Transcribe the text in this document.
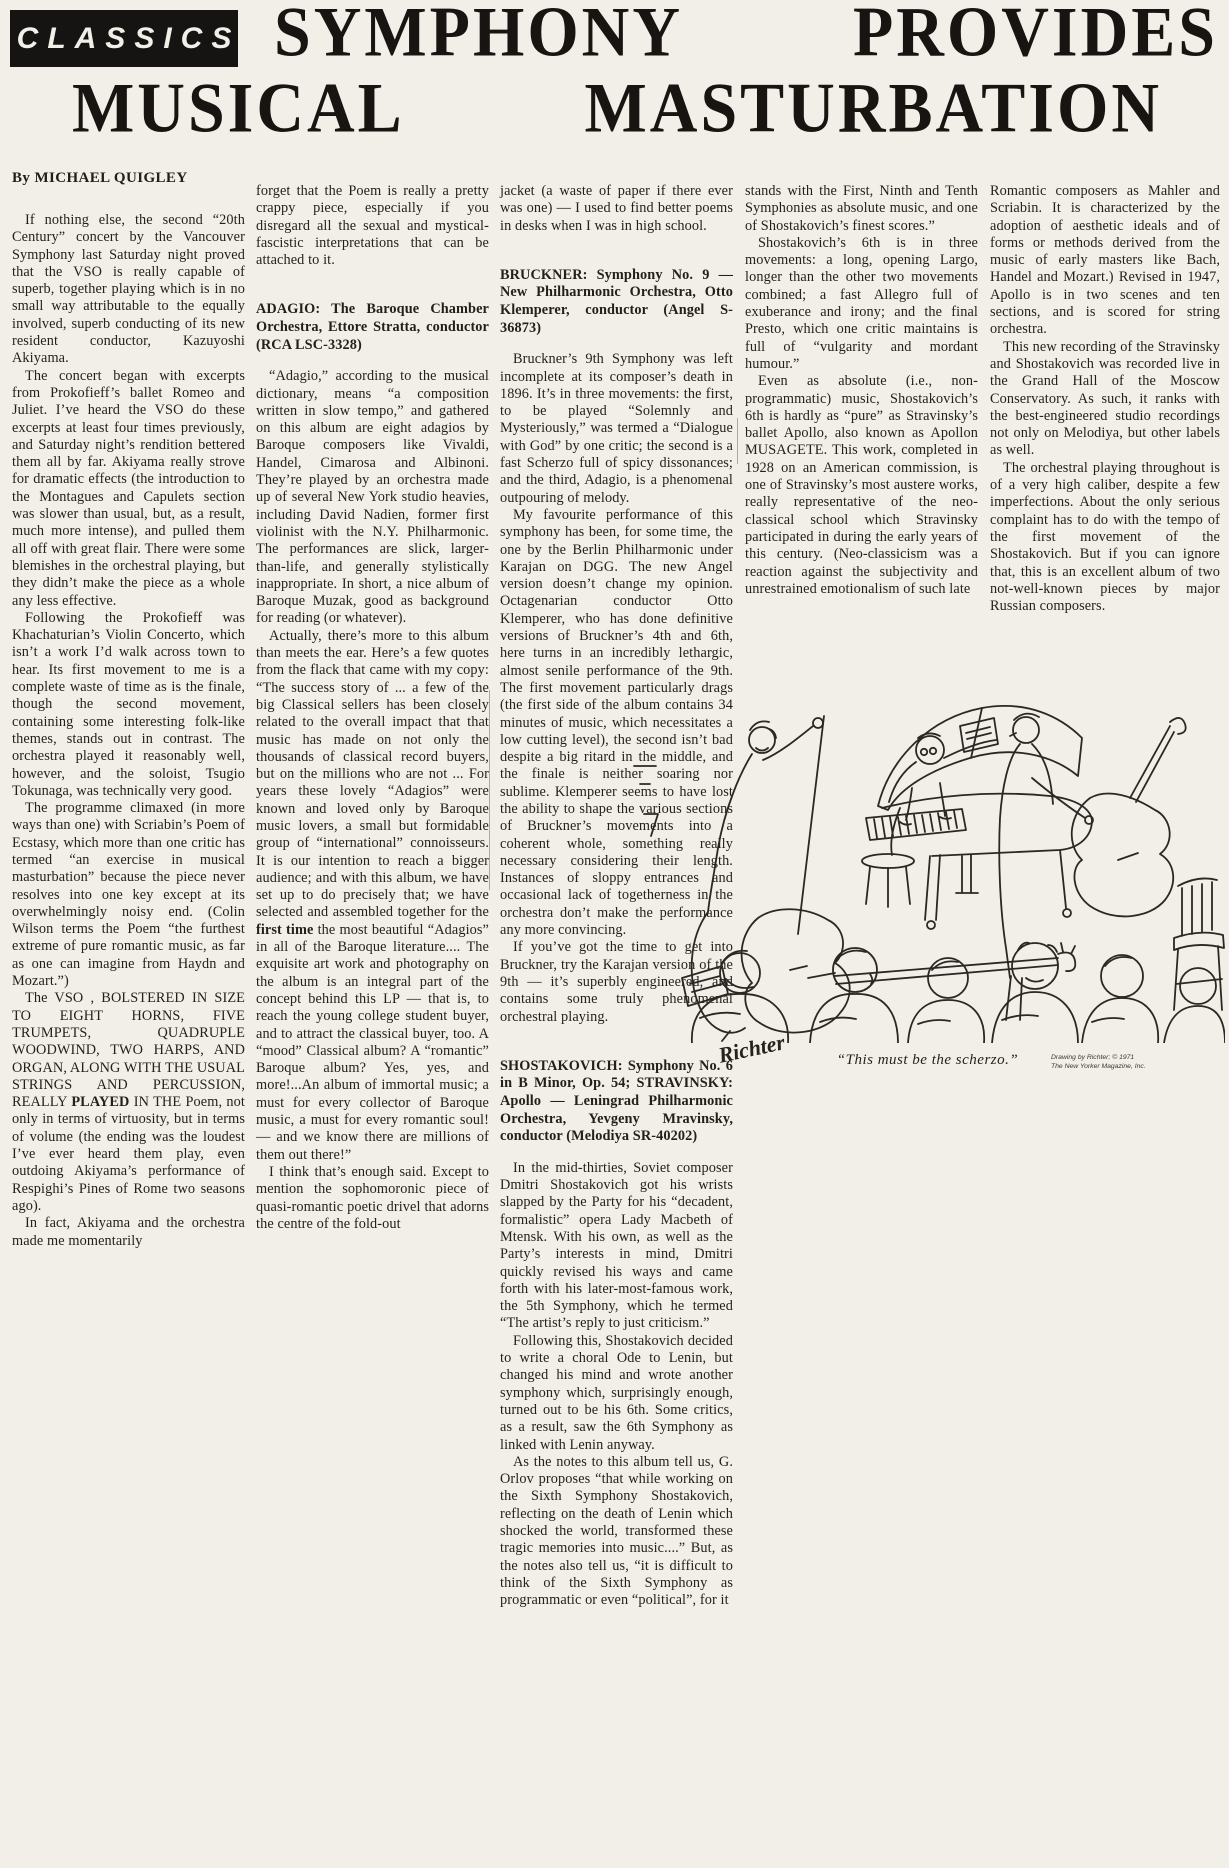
CLASSICS SYMPHONY	PROVIDES
MUSICAL	MASTURBATION
By MICHAEL QUIGLEY

If nothing else, the second “20th Century” concert by the Vancouver Symphony last Saturday night proved that the VSO is really capable of superb, together playing which is in no small way attributable to the equally involved, superb conducting of its new resident conductor, Kazuyoshi Akiyama.

The concert began with excerpts from Prokofieff’s ballet Romeo and Juliet. I’ve heard the VSO do these excerpts at least four times previously, and Saturday night’s rendition bettered them all by far. Akiyama really strove for dramatic effects (the introduction to the Montagues and Capulets section was slower than usual, but, as a result, much more intense), and pulled them all off with great flair. There were some blemishes in the orchestral playing, but they didn’t make the piece as a whole any less effective.

Following the Prokofieff was Khachaturian’s Violin Concerto, which isn’t a work I’d walk across town to hear. Its first movement to me is a complete waste of time as is the finale, though the second movement, containing some interesting folk-like themes, stands out in contrast. The orchestra played it reasonably well, however, and the soloist, Tsugio Tokunaga, was technically very good.

The programme climaxed (in more ways than one) with Scriabin’s Poem of Ecstasy, which more than one critic has termed “an exercise in musical masturbation” because the piece never resolves into one key except at its overwhelmingly noisy end. (Colin Wilson terms the Poem “the furthest extreme of pure romantic music, as far as one can imagine from Haydn and Mozart.”)

The VSO , BOLSTERED IN SIZE TO EIGHT HORNS, FIVE TRUMPETS, QUADRUPLE WOODWIND, TWO HARPS, AND ORGAN, ALONG WITH THE USUAL STRINGS AND PERCUSSION, REALLY PLAYED IN THE Poem, not only in terms of virtuosity, but in terms of volume (the ending was the loudest I’ve ever heard them play, even outdoing Akiyama’s performance of Respighi’s Pines of Rome two seasons ago).

In fact, Akiyama and the orchestra made me momentarily

forget that the Poem is really a pretty crappy piece, especially if you disregard all the sexual and mystical-fascistic interpretations that can be attached to it.

ADAGIO: The Baroque Chamber Orchestra, Ettore Stratta, conductor (RCA LSC-3328)

“Adagio,” according to the musical dictionary, means “a composition written in slow tempo,” and gathered on this album are eight adagios by Baroque composers like Vivaldi, Handel, Cimarosa and Albinoni. They’re played by an orchestra made up of several New York studio heavies, including David Nadien, former first violinist with the N.Y. Philharmonic. The performances are slick, larger-than-life, and generally stylistically inappropriate. In short, a nice album of Baroque Muzak, good as background for reading (or whatever).

Actually, there’s more to this album than meets the ear. Here’s a few quotes from the flack that came with my copy: “The success story of ... a few of the big Classical sellers has been closely related to the overall impact that that music has made on not only the thousands of classical record buyers, but on the millions who are not ... For years these lovely “Adagios” were known and loved only by Baroque music lovers, a small but formidable group of “international” connoisseurs. It is our intention to reach a bigger audience; and with this album, we have set up to do precisely that; we have selected and assembled together for the first time the most beautiful “Adagios” in all of the Baroque literature.... The exquisite art work and photography on the album is an integral part of the concept behind this LP — that is, to reach the young college student buyer, and to attract the classical buyer, too. A “mood” Classical album? A “romantic” Baroque album? Yes, yes, and more!...An album of immortal music; a must for every collector of Baroque music, a must for every romantic soul! — and we know there are millions of them out there!”

I think that’s enough said. Except to mention the sophomoronic piece of quasi-romantic poetic drivel that adorns the centre of the fold-out

jacket (a waste of paper if there ever was one) — I used to find better poems in desks when I was in high school.

BRUCKNER: Symphony No. 9 — New Philharmonic Orchestra, Otto Klemperer, conductor (Angel S-36873)

Bruckner’s 9th Symphony was left incomplete at its composer’s death in 1896. It’s in three movements: the first, to be played “Solemnly and Mysteriously,” was termed a “Dialogue with God” by one critic; the second is a fast Scherzo full of spicy dissonances; and the third, Adagio, is a phenomenal outpouring of melody.

My favourite performance of this symphony has been, for some time, the one by the Berlin Philharmonic under Karajan on DGG. The new Angel version doesn’t change my opinion. Octagenarian conductor Otto Klemperer, who has done definitive versions of Bruckner’s 4th and 6th, here turns in an incredibly lethargic, almost senile performance of the 9th. The first movement particularly drags (the first side of the album contains 34 minutes of music, which necessitates a low cutting level), the second isn’t bad despite a big ritard in the middle, and the finale is neither soaring nor sublime. Klemperer seems to have lost the ability to shape the various sections of Bruckner’s movements into a coherent whole, something really necessary considering their length. Instances of sloppy entrances and occasional lack of togetherness in the orchestra don’t make the performance any more convincing.

If you’ve got the time to get into Bruckner, try the Karajan version of the 9th — it’s superbly engineered, and contains some truly phenomenal orchestral playing.

SHOSTAKOVICH: Symphony No. 6 in B Minor, Op. 54; STRAVINSKY: Apollo — Leningrad Philharmonic Orchestra, Yevgeny Mravinsky, conductor (Melodiya SR-40202)

In the mid-thirties, Soviet composer Dmitri Shostakovich got his wrists slapped by the Party for his “decadent, formalistic” opera Lady Macbeth of Mtensk. With his own, as well as the Party’s interests in mind, Dmitri quickly revised his ways and came forth with his later-most-famous work, the 5th Symphony, which he termed “The artist’s reply to just criticism.”

Following this, Shostakovich decided to write a choral Ode to Lenin, but changed his mind and wrote another symphony which, surprisingly enough, turned out to be his 6th. Some critics, as a result, saw the 6th Symphony as linked with Lenin anyway.

As the notes to this album tell us, G. Orlov proposes “that while working on the Sixth Symphony Shostakovich, reflecting on the death of Lenin which shocked the world, transformed these tragic memories into music....” But, as the notes also tell us, “it is difficult to think of the Sixth Symphony as programmatic or even “political”, for it

stands with the First, Ninth and Tenth Symphonies as absolute music, and one of Shostakovich’s finest scores.”

Shostakovich’s 6th is in three movements: a long, opening Largo, longer than the other two movements combined; a fast Allegro full of exuberance and irony; and the final Presto, which one critic maintains is full of “vulgarity and mordant humour.”

Even as absolute (i.e., non-programmatic) music, Shostakovich’s 6th is hardly as “pure” as Stravinsky’s ballet Apollo, also known as Apollon MUSAGETE. This work, completed in 1928 on an American commission, is one of Stravinsky’s most austere works, really representative of the neo-classical school which Stravinsky participated in during the early years of this century. (Neo-classicism was a reaction against the subjectivity and unrestrained emotionalism of such late

Romantic composers as Mahler and Scriabin. It is characterized by the adoption of aesthetic ideals and of forms or methods derived from the music of early masters like Bach, Handel and Mozart.) Revised in 1947, Apollo is in two scenes and ten sections, and is scored for string orchestra.

This new recording of the Stravinsky and Shostakovich was recorded live in the Grand Hall of the Moscow Conservatory. As such, it ranks with the best-engineered studio recordings not only on Melodiya, but other labels as well.

The orchestral playing throughout is of a very high caliber, despite a few imperfections. About the only serious complaint has to do with the tempo of the first movement of the Shostakovich. But if you can ignore that, this is an excellent album of two not-well-known pieces by major Russian composers.

Richter	“This must be the scherzo.”	Drawing by Richter; © 1971
The New Yorker Magazine, Inc.
